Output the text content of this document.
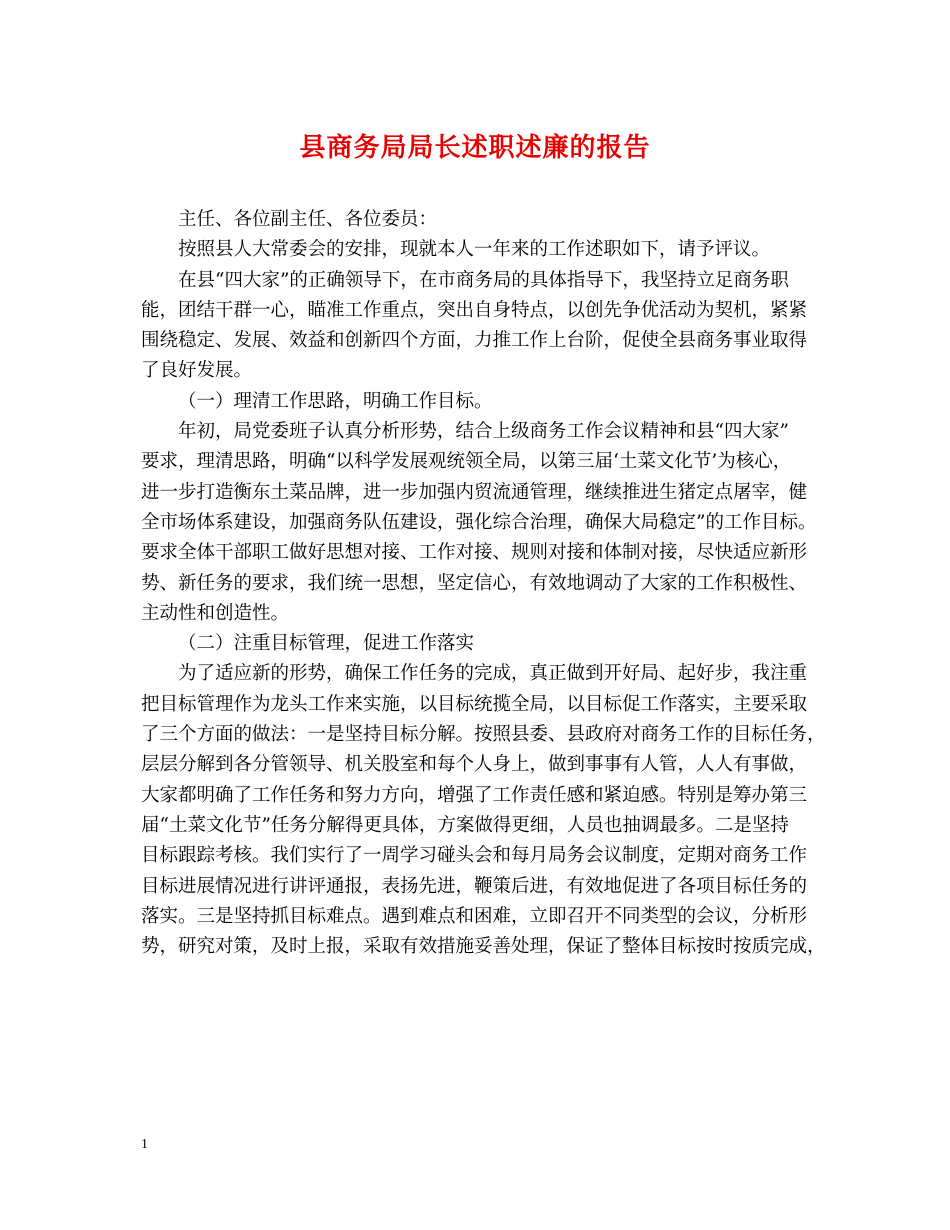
县商务局局长述职述廉的报告
主任、各位副主任、各位委员：
按照县人大常委会的安排，现就本人一年来的工作述职如下，请予评议。
在县“四大家”的正确领导下，在市商务局的具体指导下，我坚持立足商务职
能，团结干群一心，瞄准工作重点，突出自身特点，以创先争优活动为契机，紧紧
围绕稳定、发展、效益和创新四个方面，力推工作上台阶，促使全县商务事业取得
了良好发展。
（一）理清工作思路，明确工作目标。
年初，局党委班子认真分析形势，结合上级商务工作会议精神和县“四大家”
要求，理清思路，明确“以科学发展观统领全局，以第三届‘土菜文化节’为核心，
进一步打造衡东土菜品牌，进一步加强内贸流通管理，继续推进生猪定点屠宰，健
全市场体系建设，加强商务队伍建设，强化综合治理，确保大局稳定”的工作目标。
要求全体干部职工做好思想对接、工作对接、规则对接和体制对接，尽快适应新形
势、新任务的要求，我们统一思想，坚定信心，有效地调动了大家的工作积极性、
主动性和创造性。
（二）注重目标管理，促进工作落实
为了适应新的形势，确保工作任务的完成，真正做到开好局、起好步，我注重
把目标管理作为龙头工作来实施，以目标统揽全局，以目标促工作落实，主要采取
了三个方面的做法：一是坚持目标分解。按照县委、县政府对商务工作的目标任务，
层层分解到各分管领导、机关股室和每个人身上，做到事事有人管，人人有事做，
大家都明确了工作任务和努力方向，增强了工作责任感和紧迫感。特别是筹办第三
届“土菜文化节”任务分解得更具体，方案做得更细，人员也抽调最多。二是坚持
目标跟踪考核。我们实行了一周学习碰头会和每月局务会议制度，定期对商务工作
目标进展情况进行讲评通报，表扬先进，鞭策后进，有效地促进了各项目标任务的
落实。三是坚持抓目标难点。遇到难点和困难，立即召开不同类型的会议，分析形
势，研究对策，及时上报，采取有效措施妥善处理，保证了整体目标按时按质完成，
1
